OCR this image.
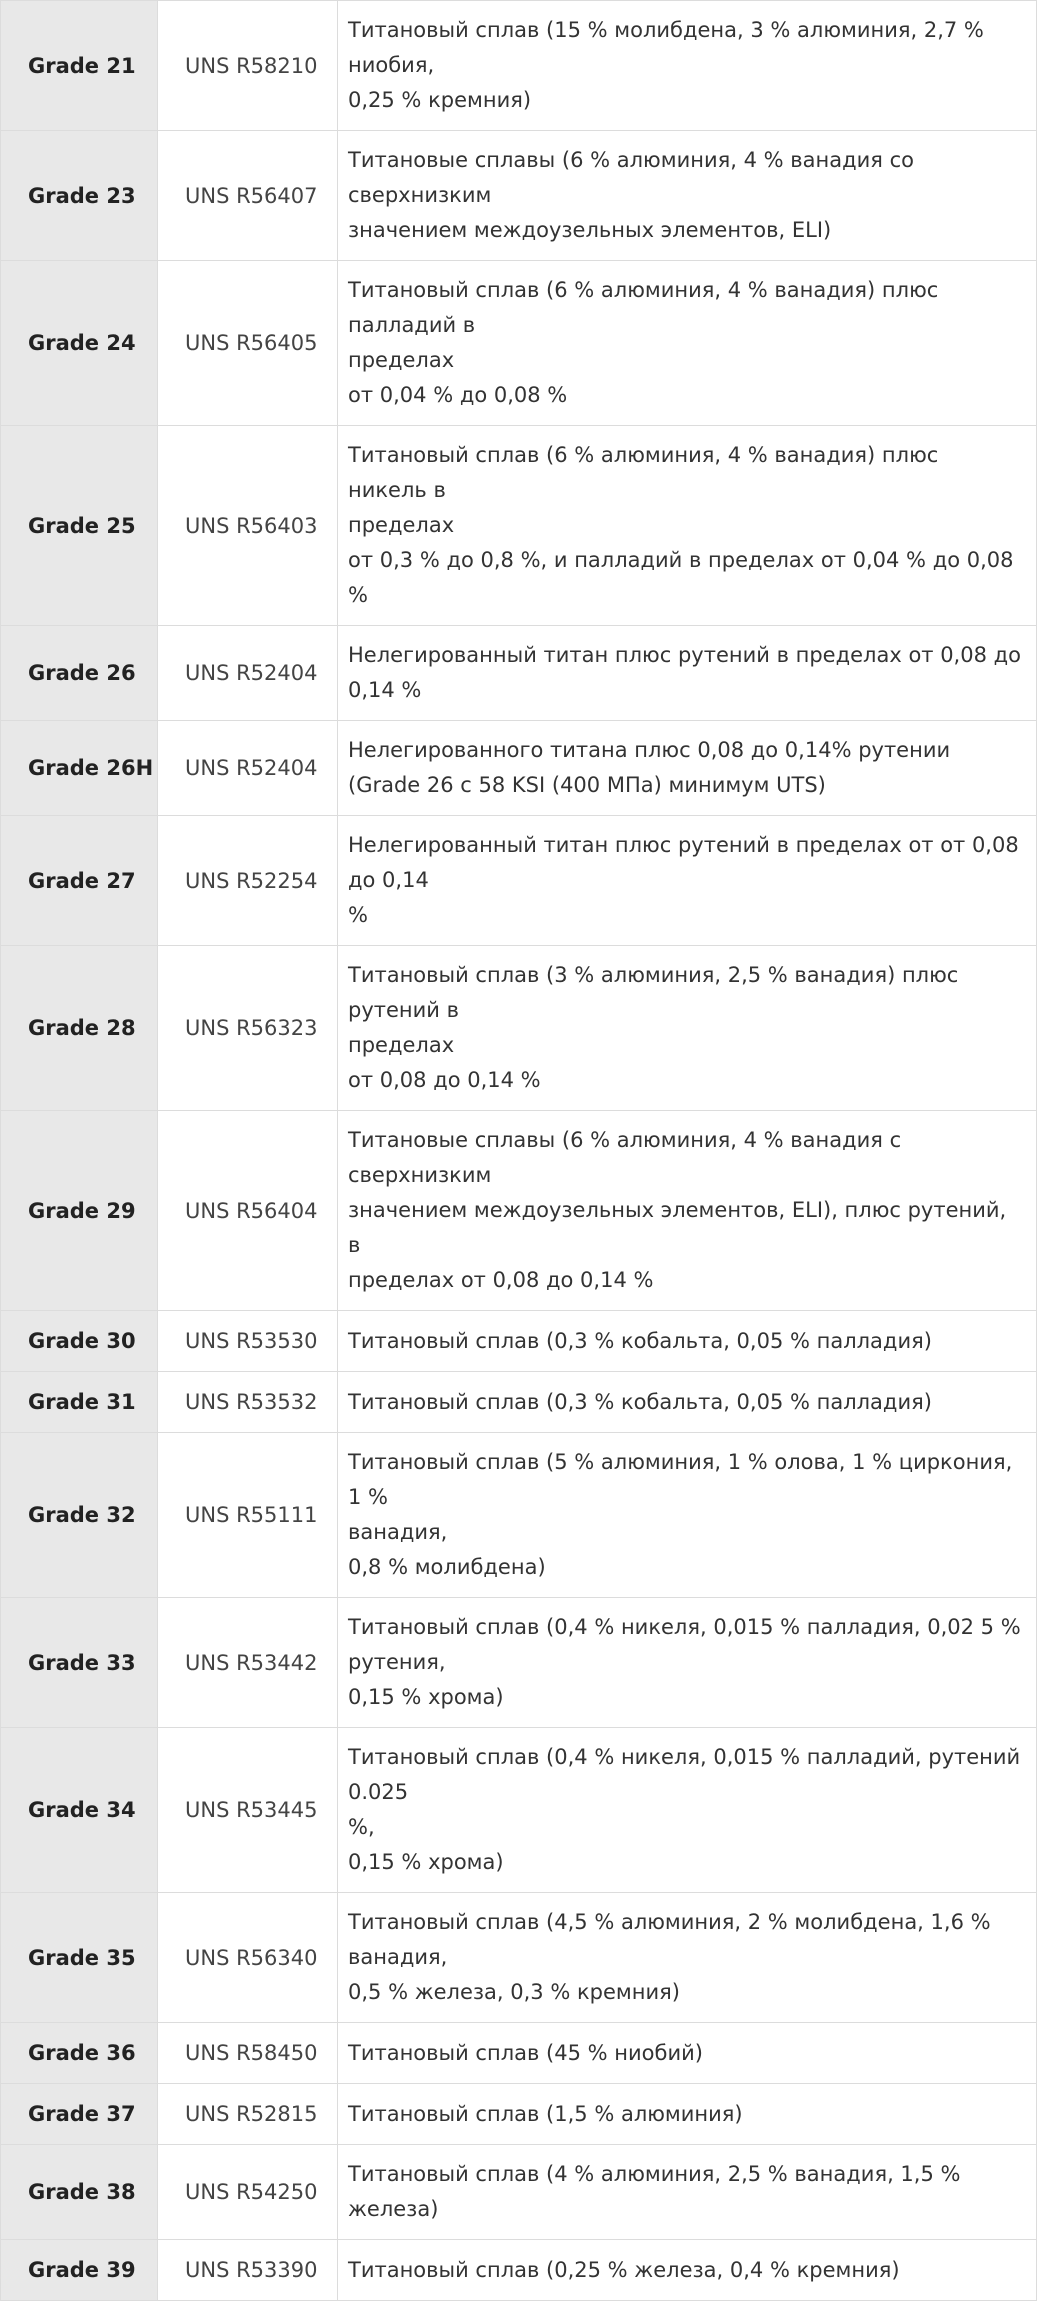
Grade 21	UNS R58210	Титановый сплав (15 % молибдена, 3 % алюминия, 2,7 % ниобия,
0,25 % кремния)

Grade 23	UNS R56407	Титановые сплавы (6 % алюминия, 4 % ванадия со сверхнизким
значением междоузельных элементов, ELI)

Grade 24	UNS R56405	Титановый сплав (6 % алюминия, 4 % ванадия) плюс палладий в
пределах
от 0,04 % до 0,08 %

Grade 25	UNS R56403	Титановый сплав (6 % алюминия, 4 % ванадия) плюс никель в
пределах
от 0,3 % до 0,8 %, и палладий в пределах от 0,04 % до 0,08 %

Grade 26	UNS R52404	Нелегированный титан плюс рутений в пределах от 0,08 до 0,14 %

Grade 26H	UNS R52404	Нелегированного титана плюс 0,08 до 0,14% рутении
(Grade 26 с 58 KSI (400 МПа) минимум UTS)

Grade 27	UNS R52254	Нелегированный титан плюс рутений в пределах от от 0,08 до 0,14
%

Grade 28	UNS R56323	Титановый сплав (3 % алюминия, 2,5 % ванадия) плюс рутений в
пределах
от 0,08 до 0,14 %

Grade 29	UNS R56404	Титановые сплавы (6 % алюминия, 4 % ванадия с сверхнизким
значением междоузельных элементов, ELI), плюс рутений, в
пределах от 0,08 до 0,14 %

Grade 30	UNS R53530	Титановый сплав (0,3 % кобальта, 0,05 % палладия)

Grade 31	UNS R53532	Титановый сплав (0,3 % кобальта, 0,05 % палладия)

Grade 32	UNS R55111	Титановый сплав (5 % алюминия, 1 % олова, 1 % циркония, 1 %
ванадия,
0,8 % молибдена)

Grade 33	UNS R53442	Титановый сплав (0,4 % никеля, 0,015 % палладия, 0,02 5 %
рутения,
0,15 % хрома)

Grade 34	UNS R53445	Титановый сплав (0,4 % никеля, 0,015 % палладий, рутений 0.025
%,
0,15 % хрома)

Grade 35	UNS R56340	Титановый сплав (4,5 % алюминия, 2 % молибдена, 1,6 %
ванадия,
0,5 % железа, 0,3 % кремния)

Grade 36	UNS R58450	Титановый сплав (45 % ниобий)

Grade 37	UNS R52815	Титановый сплав (1,5 % алюминия)

Grade 38	UNS R54250	Титановый сплав (4 % алюминия, 2,5 % ванадия, 1,5 % железа)

Grade 39	UNS R53390	Титановый сплав (0,25 % железа, 0,4 % кремния)
